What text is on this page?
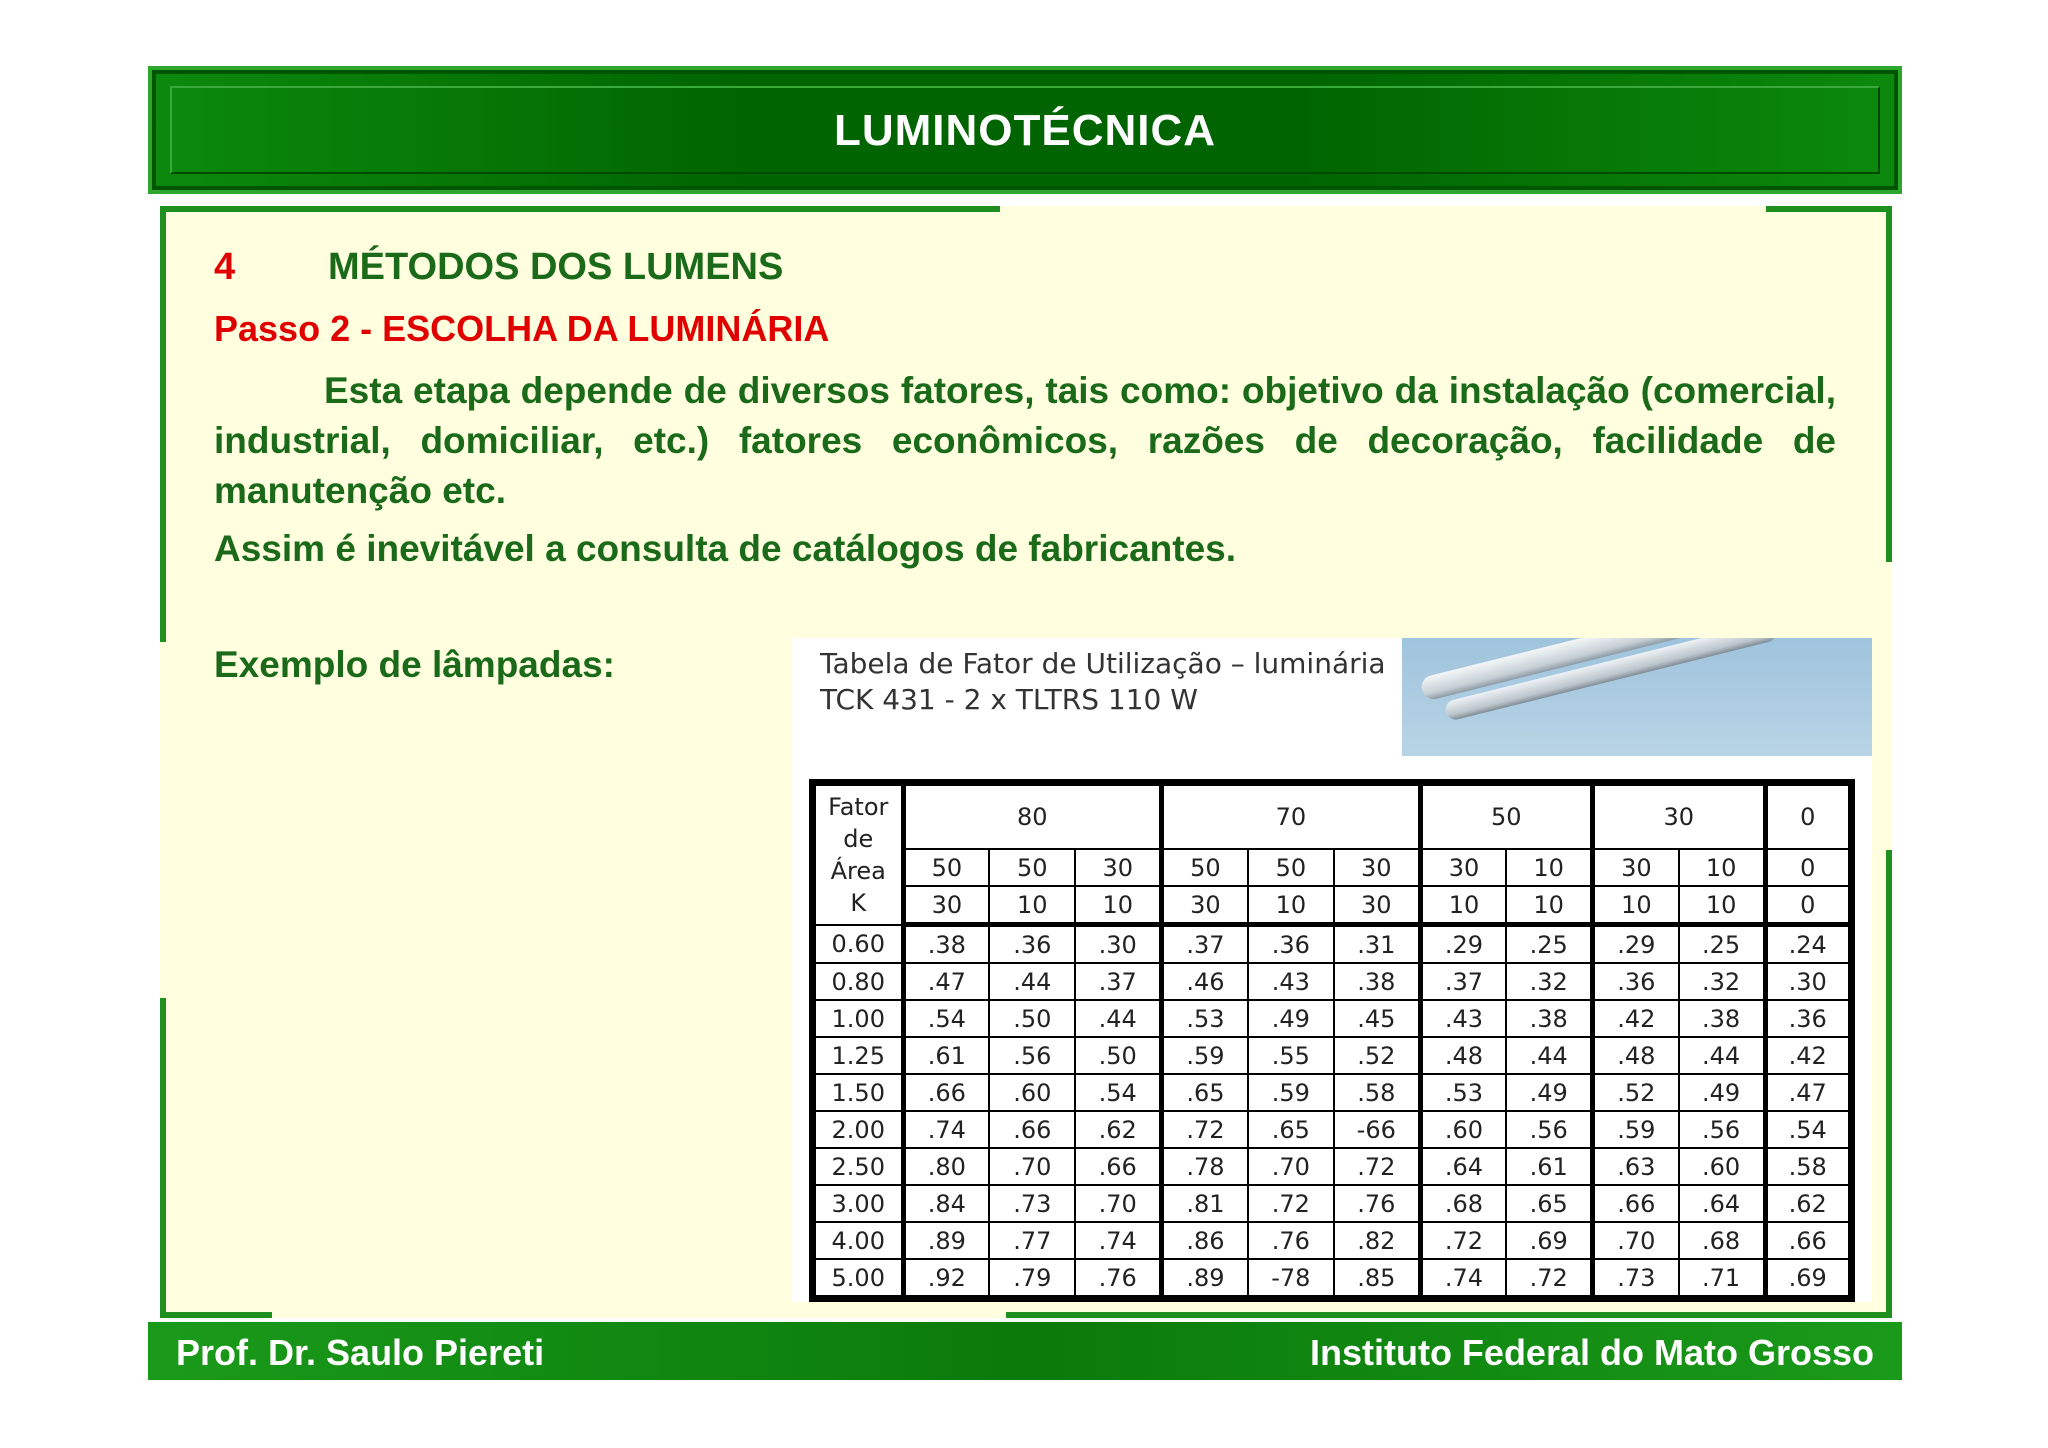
LUMINOTÉCNICA
4 MÉTODOS DOS LUMENS
Passo 2 - ESCOLHA DA LUMINÁRIA
Esta etapa depende de diversos fatores, tais como: objetivo da instalação (comercial, industrial, domiciliar, etc.) fatores econômicos, razões de decoração, facilidade de manutenção etc.
Assim é inevitável a consulta de catálogos de fabricantes.
Exemplo de lâmpadas:	Tabela de Fator de Utilização – luminária
TCK 431 - 2 x TLTRS 110 W
Fator
de
Área
K	80			70			50		30		0
	50	50	30	50	50	30	30	10	30	10	0
	30	10	10	30	10	30	10	10	10	10	0
0.60	.38	.36	.30	.37	.36	.31	.29	.25	.29	.25	.24
0.80	.47	.44	.37	.46	.43	.38	.37	.32	.36	.32	.30
1.00	.54	.50	.44	.53	.49	.45	.43	.38	.42	.38	.36
1.25	.61	.56	.50	.59	.55	.52	.48	.44	.48	.44	.42
1.50	.66	.60	.54	.65	.59	.58	.53	.49	.52	.49	.47
2.00	.74	.66	.62	.72	.65	-66	.60	.56	.59	.56	.54
2.50	.80	.70	.66	.78	.70	.72	.64	.61	.63	.60	.58
3.00	.84	.73	.70	.81	.72	.76	.68	.65	.66	.64	.62
4.00	.89	.77	.74	.86	.76	.82	.72	.69	.70	.68	.66
5.00	.92	.79	.76	.89	-78	.85	.74	.72	.73	.71	.69
Prof. Dr. Saulo Piereti	Instituto Federal do Mato Grosso
